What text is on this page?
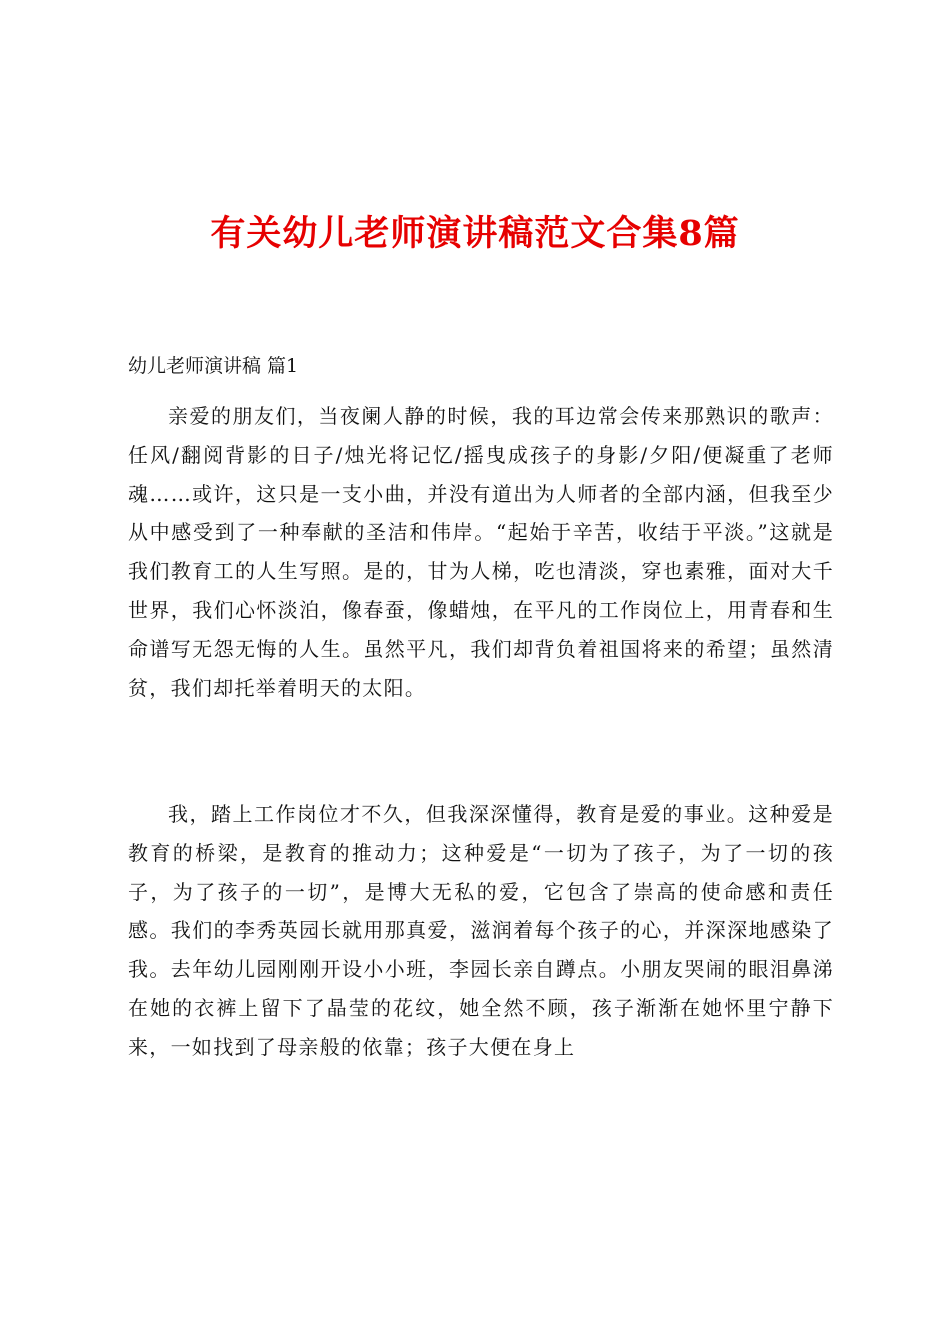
有关幼儿老师演讲稿范文合集8篇

幼儿老师演讲稿 篇1

亲爱的朋友们，当夜阑人静的时候，我的耳边常会传来那熟识的歌声：任风/翻阅背影的日子/烛光将记忆/摇曳成孩子的身影/夕阳/便凝重了老师魂……或许，这只是一支小曲，并没有道出为人师者的全部内涵，但我至少从中感受到了一种奉献的圣洁和伟岸。“起始于辛苦，收结于平淡。”这就是我们教育工的人生写照。是的，甘为人梯，吃也清淡，穿也素雅，面对大千世界，我们心怀淡泊，像春蚕，像蜡烛，在平凡的工作岗位上，用青春和生命谱写无怨无悔的人生。虽然平凡，我们却背负着祖国将来的希望；虽然清贫，我们却托举着明天的太阳。

我，踏上工作岗位才不久，但我深深懂得，教育是爱的事业。这种爱是教育的桥梁，是教育的推动力；这种爱是“一切为了孩子，为了一切的孩子，为了孩子的一切”，是博大无私的爱，它包含了崇高的使命感和责任感。我们的李秀英园长就用那真爱，滋润着每个孩子的心，并深深地感染了我。去年幼儿园刚刚开设小小班，李园长亲自蹲点。小朋友哭闹的眼泪鼻涕在她的衣裤上留下了晶莹的花纹，她全然不顾，孩子渐渐在她怀里宁静下来，一如找到了母亲般的依靠；孩子大便在身上
